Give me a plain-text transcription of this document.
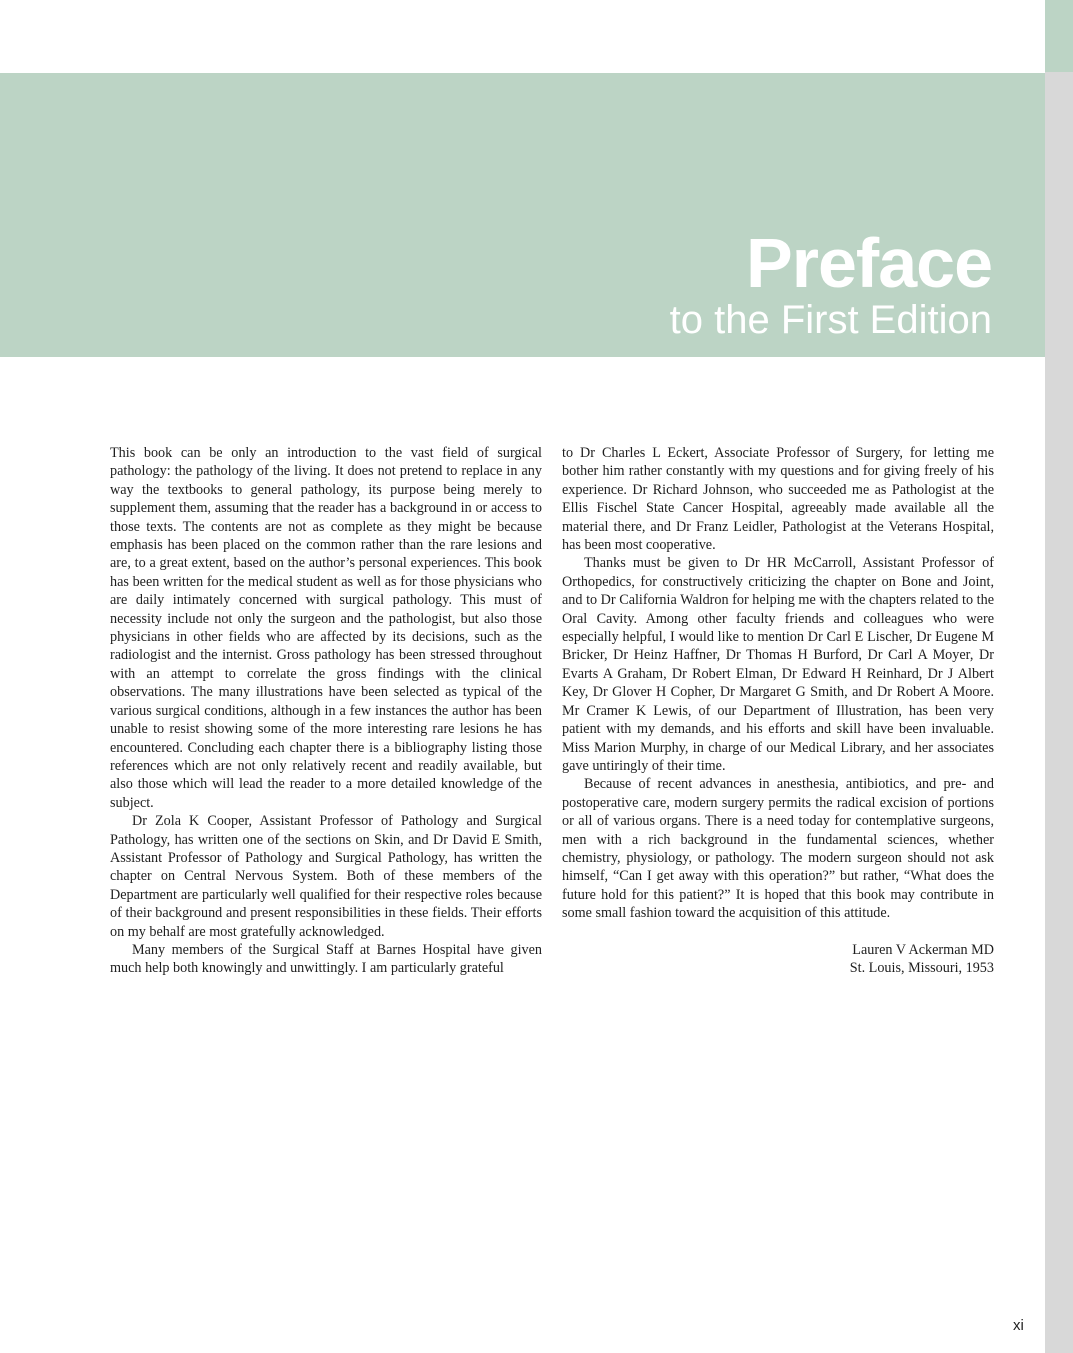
Preface
to the First Edition

This book can be only an introduction to the vast field of surgical pathology: the pathology of the living. It does not pretend to replace in any way the textbooks to general pathology, its purpose being merely to supplement them, assuming that the reader has a background in or access to those texts. The contents are not as complete as they might be because emphasis has been placed on the common rather than the rare lesions and are, to a great extent, based on the author’s personal experiences. This book has been written for the medical student as well as for those physicians who are daily intimately concerned with surgical pathology. This must of necessity include not only the surgeon and the pathologist, but also those physicians in other fields who are affected by its decisions, such as the radiologist and the internist. Gross pathology has been stressed throughout with an attempt to correlate the gross findings with the clinical observations. The many illustrations have been selected as typical of the various surgical conditions, although in a few instances the author has been unable to resist showing some of the more interesting rare lesions he has encountered. Concluding each chapter there is a bibliography listing those references which are not only relatively recent and readily available, but also those which will lead the reader to a more detailed knowledge of the subject.

Dr Zola K Cooper, Assistant Professor of Pathology and Surgical Pathology, has written one of the sections on Skin, and Dr David E Smith, Assistant Professor of Pathology and Surgical Pathology, has written the chapter on Central Nervous System. Both of these members of the Department are particularly well qualified for their respective roles because of their background and present responsibilities in these fields. Their efforts on my behalf are most gratefully acknowledged.

Many members of the Surgical Staff at Barnes Hospital have given much help both knowingly and unwittingly. I am particularly grateful

to Dr Charles L Eckert, Associate Professor of Surgery, for letting me bother him rather constantly with my questions and for giving freely of his experience. Dr Richard Johnson, who succeeded me as Pathologist at the Ellis Fischel State Cancer Hospital, agreeably made available all the material there, and Dr Franz Leidler, Pathologist at the Veterans Hospital, has been most cooperative.

Thanks must be given to Dr HR McCarroll, Assistant Professor of Orthopedics, for constructively criticizing the chapter on Bone and Joint, and to Dr California Waldron for helping me with the chapters related to the Oral Cavity. Among other faculty friends and colleagues who were especially helpful, I would like to mention Dr Carl E Lischer, Dr Eugene M Bricker, Dr Heinz Haffner, Dr Thomas H Burford, Dr Carl A Moyer, Dr Evarts A Graham, Dr Robert Elman, Dr Edward H Reinhard, Dr J Albert Key, Dr Glover H Copher, Dr Margaret G Smith, and Dr Robert A Moore. Mr Cramer K Lewis, of our Department of Illustration, has been very patient with my demands, and his efforts and skill have been invaluable. Miss Marion Murphy, in charge of our Medical Library, and her associates gave untiringly of their time.

Because of recent advances in anesthesia, antibiotics, and pre- and postoperative care, modern surgery permits the radical excision of portions or all of various organs. There is a need today for contemplative surgeons, men with a rich background in the fundamental sciences, whether chemistry, physiology, or pathology. The modern surgeon should not ask himself, “Can I get away with this operation?” but rather, “What does the future hold for this patient?” It is hoped that this book may contribute in some small fashion toward the acquisition of this attitude.

Lauren V Ackerman MD
St. Louis, Missouri, 1953
xi
